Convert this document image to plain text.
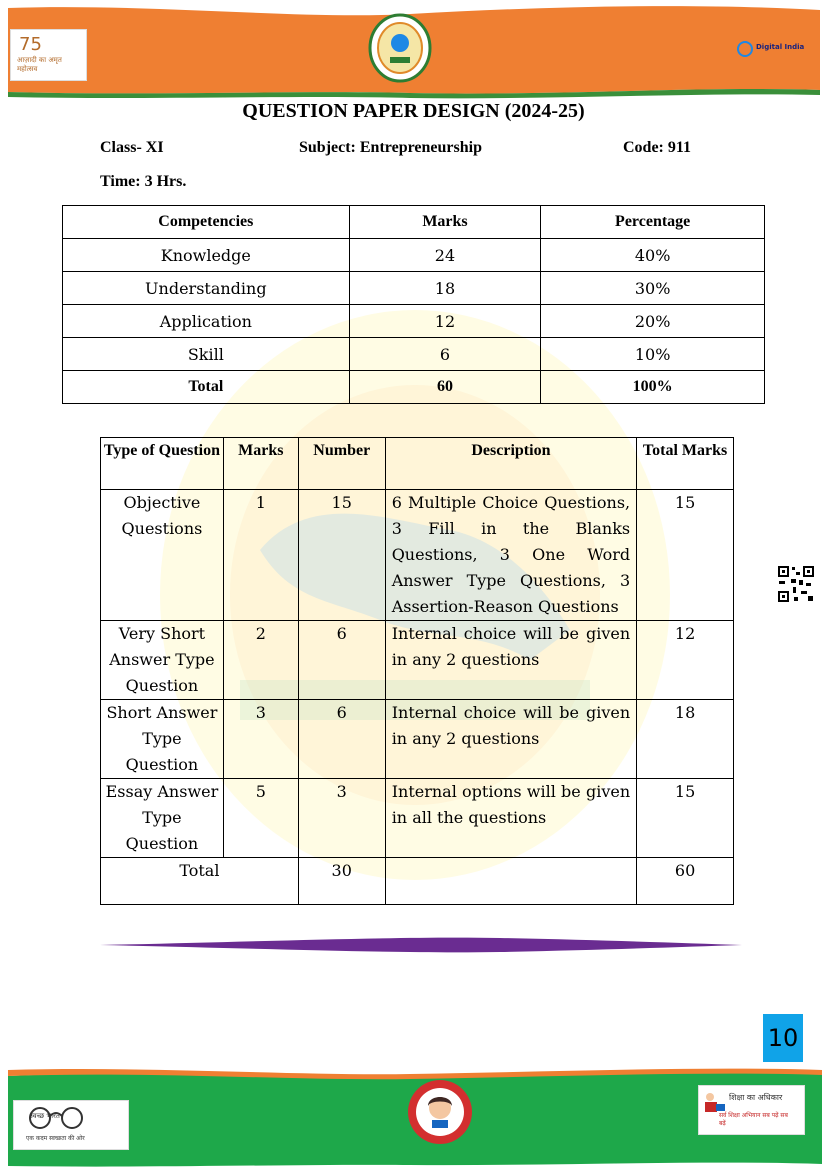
75
आज़ादी का अमृत महोत्सव
Digital India
QUESTION PAPER DESIGN (2024-25)
Class- XI	Subject: Entrepreneurship	Code: 911
Time: 3 Hrs.
Competencies	Marks	Percentage
Knowledge	24	40%
Understanding	18	30%
Application	12	20%
Skill	6	10%
Total	60	100%
Type of Question	Marks	Number	Description	Total Marks
Objective Questions	1	15	6 Multiple Choice Questions, 3 Fill in the Blanks Questions, 3 One Word Answer Type Questions, 3 Assertion-Reason Questions	15
Very Short Answer Type Question	2	6	Internal choice will be given in any 2 questions	12
Short Answer Type Question	3	6	Internal choice will be given in any 2 questions	18
Essay Answer Type Question	5	3	Internal options will be given in all the questions	15
Total		30		60
10
स्वच्छ भारत
एक कदम स्वच्छता की ओर
शिक्षा का अधिकार
सर्व शिक्षा अभियान सब पढ़ें सब बढ़ें
